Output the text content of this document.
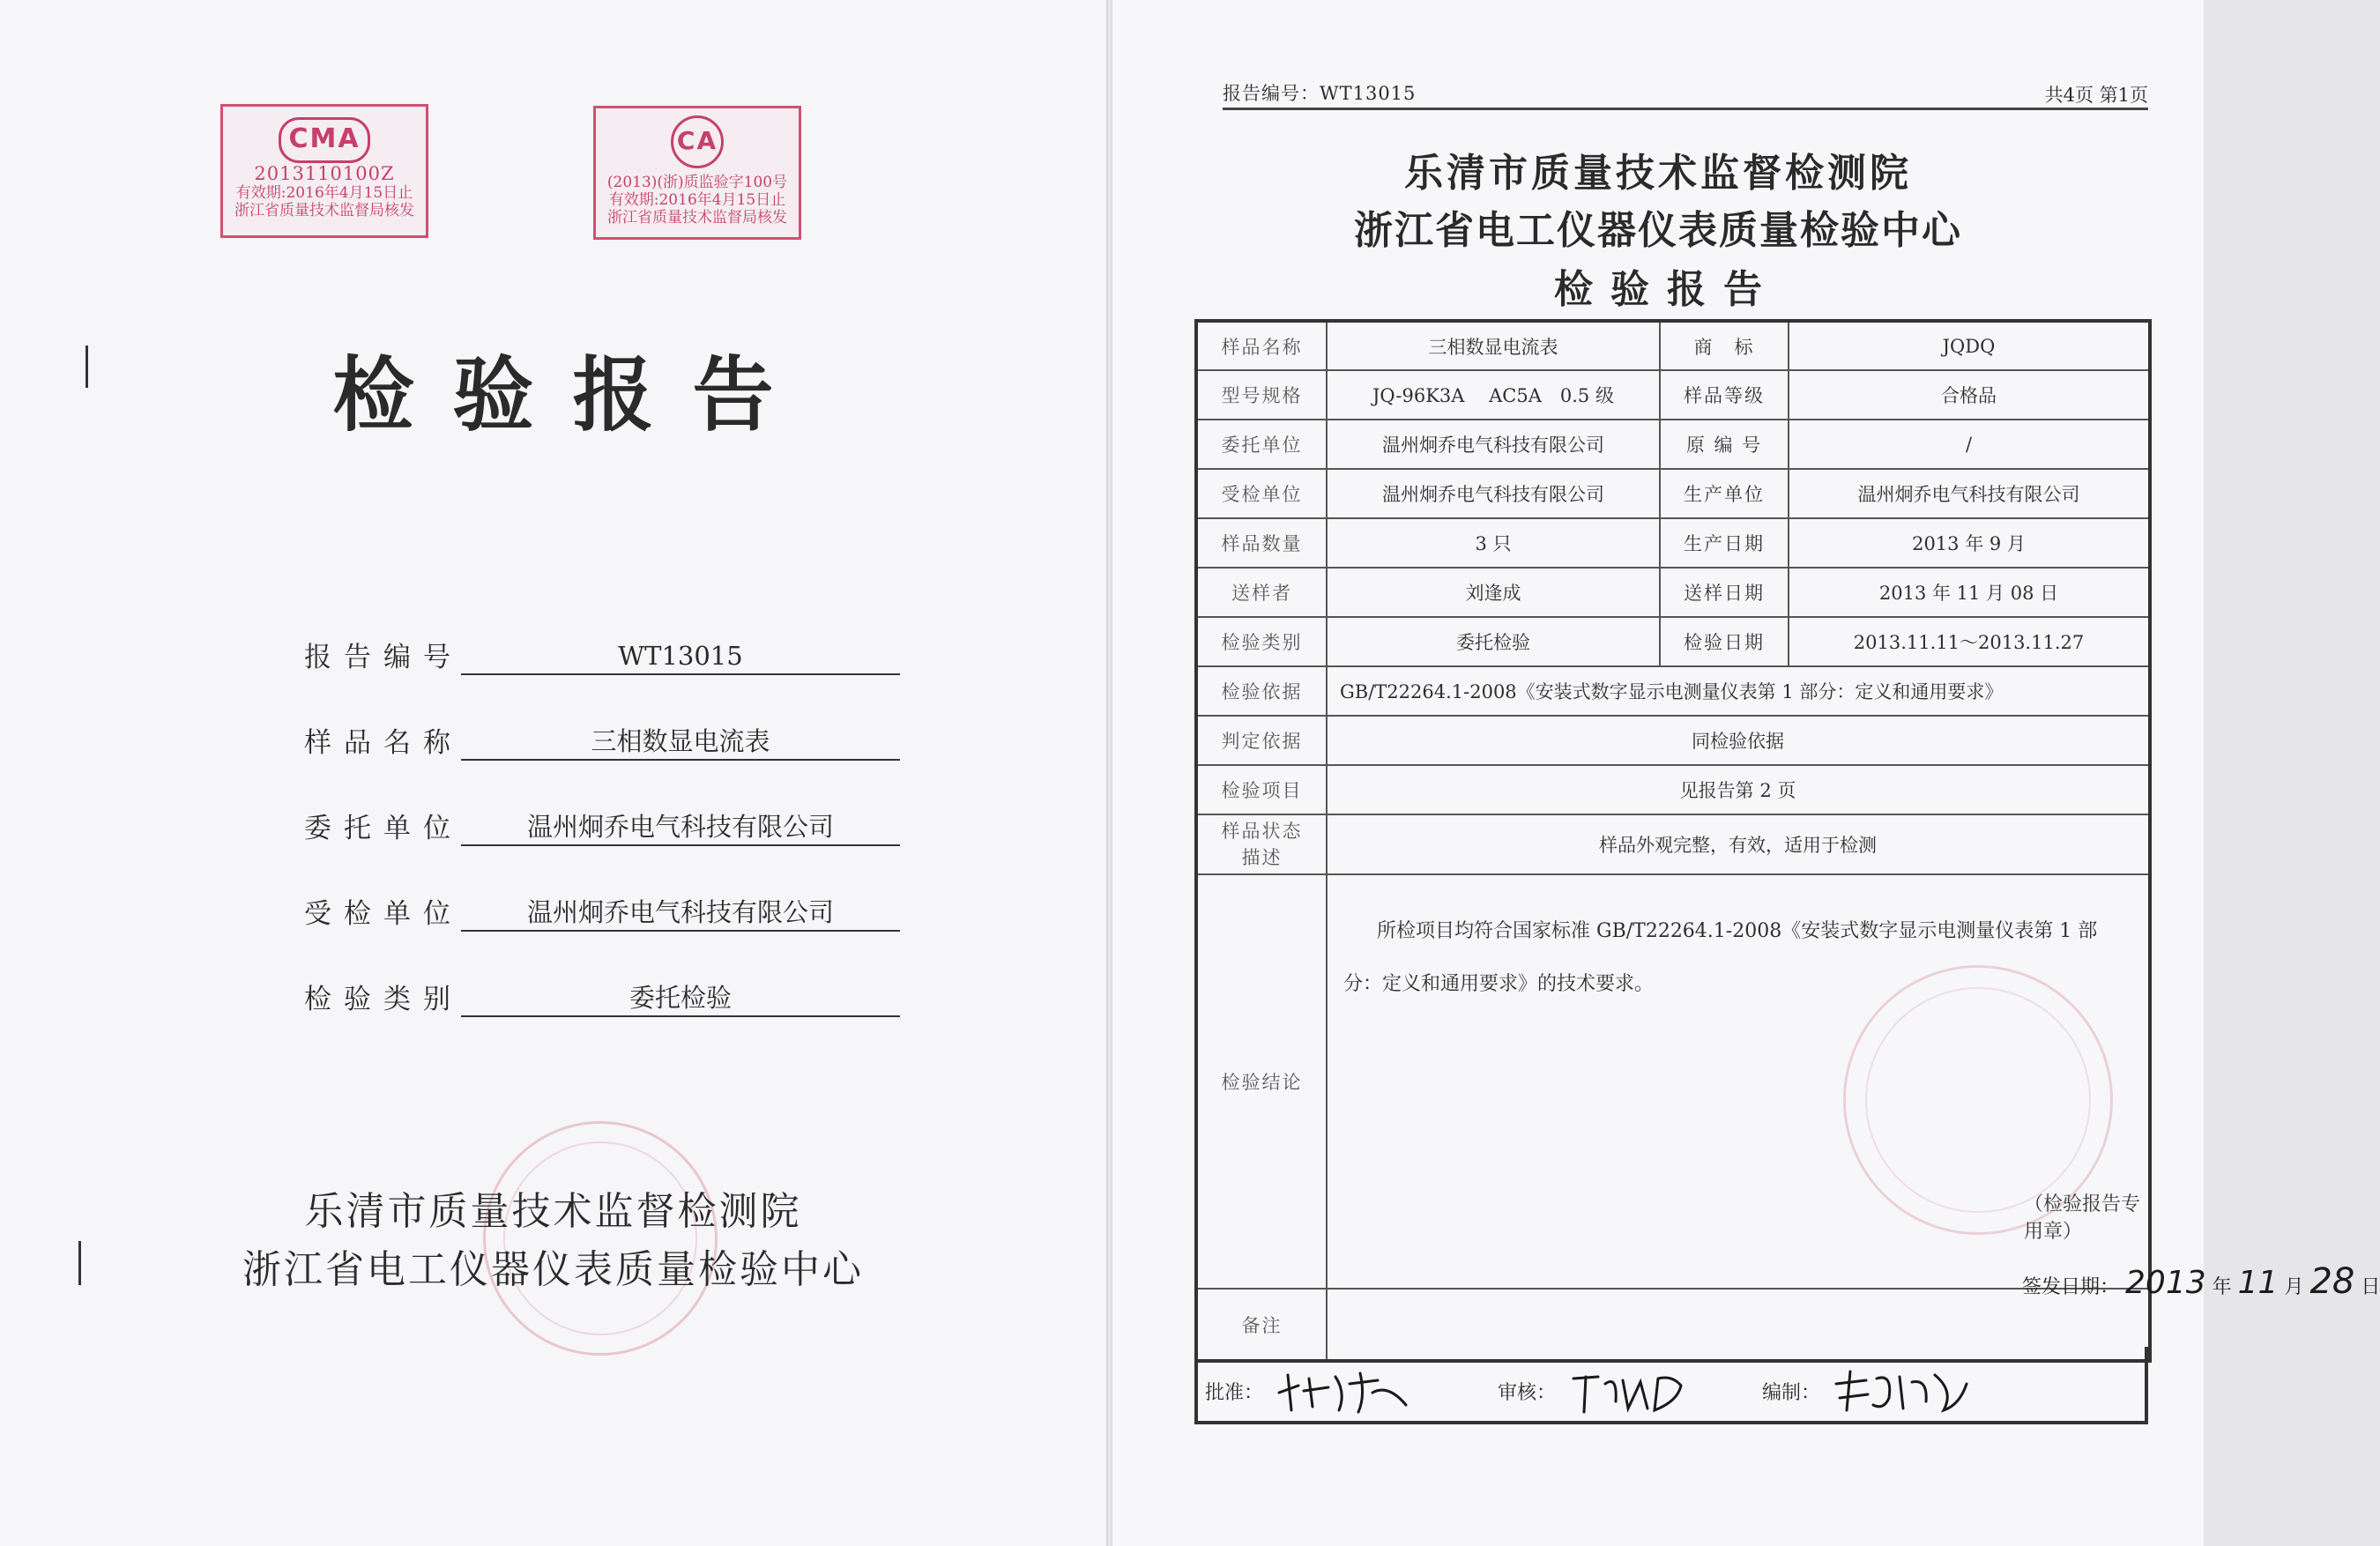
CMA
2013110100Z
有效期:2016年4月15日止
浙江省质量技术监督局核发
CA
(2013)(浙)质监验字100号
有效期:2016年4月15日止
浙江省质量技术监督局核发
检验报告
报告编号	WT13015
样品名称	三相数显电流表
委托单位	温州炯乔电气科技有限公司
受检单位	温州炯乔电气科技有限公司
检验类别	委托检验
乐清市质量技术监督检测院
浙江省电工仪器仪表质量检验中心
报告编号：WT13015	共4页 第1页
乐清市质量技术监督检测院
浙江省电工仪器仪表质量检验中心
检验报告
样品名称	三相数显电流表	商　标	JQDQ
型号规格	JQ-96K3A　 AC5A　0.5 级	样品等级	合格品
委托单位	温州炯乔电气科技有限公司	原 编 号	/
受检单位	温州炯乔电气科技有限公司	生产单位	温州炯乔电气科技有限公司
样品数量	3 只	生产日期	2013 年 9 月
送样者	刘逢成	送样日期	2013 年 11 月 08 日
检验类别	委托检验	检验日期	2013.11.11～2013.11.27
检验依据	GB/T22264.1-2008《安装式数字显示电测量仪表第 1 部分：定义和通用要求》		
判定依据	同检验依据		
检验项目	见报告第 2 页		

样品状态
描述	样品外观完整，有效，适用于检测		
检验结论	所检项目均符合国家标准 GB/T22264.1-2008《安装式数字显示电测量仪表第 1 部分：定义和通用要求》的技术要求。
（检验报告专用章）
签发日期： 2013 年 11 月 28 日		

备注			
批准：	审核：	编制：
